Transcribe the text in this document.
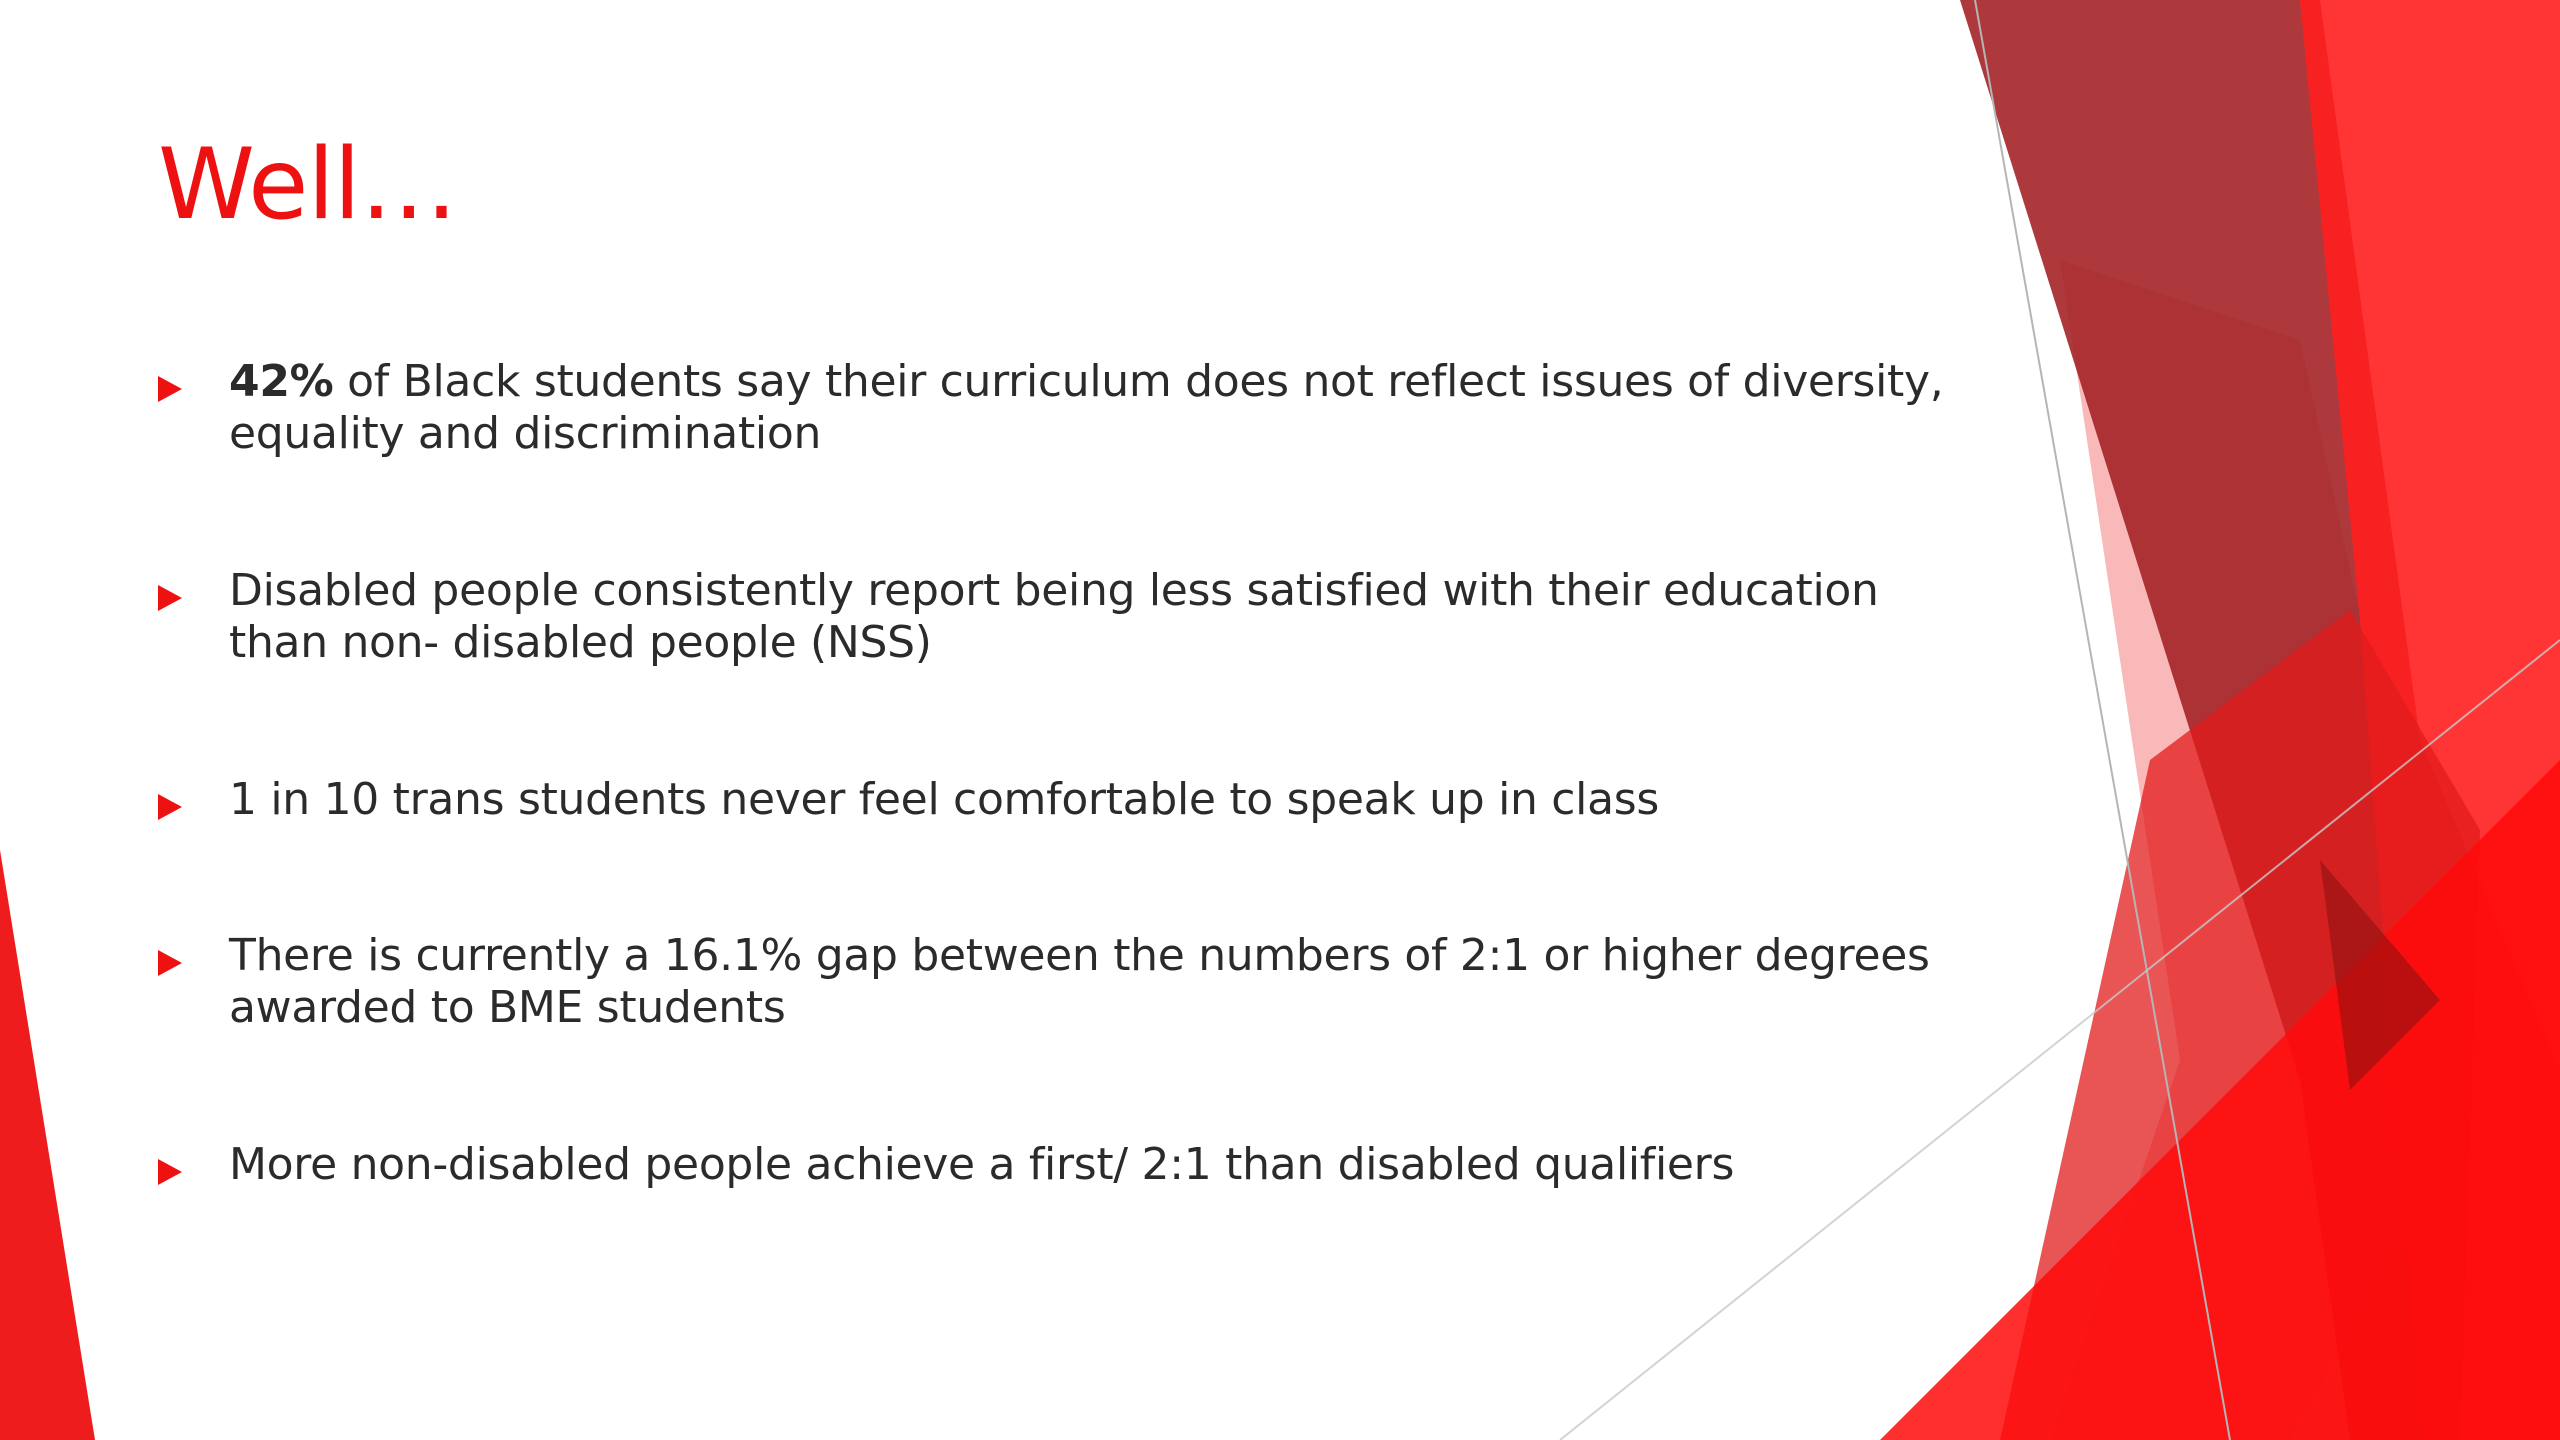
Well…
42% of Black students say their curriculum does not reflect issues of diversity, equality and discrimination
Disabled people consistently report being less satisfied with their education than non- disabled people (NSS)
1 in 10 trans students never feel comfortable to speak up in class
There is currently a 16.1% gap between the numbers of 2:1 or higher degrees awarded to BME students
More non-disabled people achieve a first/ 2:1 than disabled qualifiers
